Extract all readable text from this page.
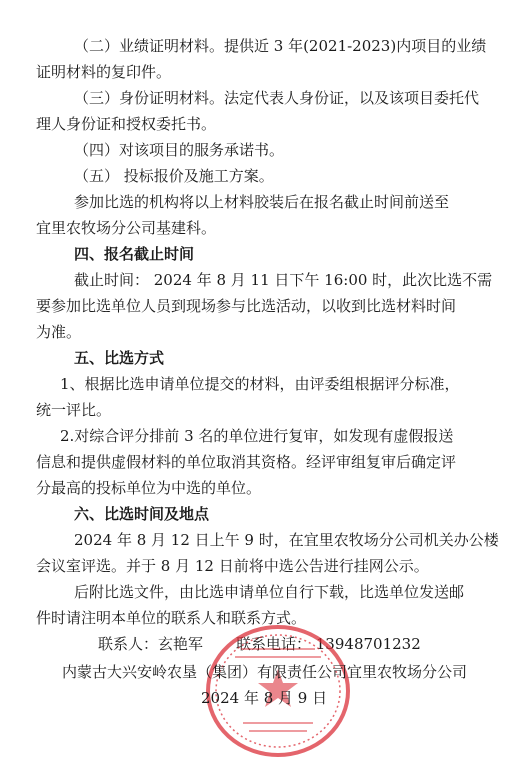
（二）业绩证明材料。提供近 3 年(2021-2023)内项目的业绩
证明材料的复印件。
（三）身份证明材料。法定代表人身份证，以及该项目委托代
理人身份证和授权委托书。
（四）对该项目的服务承诺书。
（五） 投标报价及施工方案。
参加比选的机构将以上材料胶装后在报名截止时间前送至
宜里农牧场分公司基建科。
四、报名截止时间
截止时间： 2024 年 8 月 11 日下午 16:00 时，此次比选不需
要参加比选单位人员到现场参与比选活动，以收到比选材料时间
为准。
五、比选方式
1、根据比选申请单位提交的材料，由评委组根据评分标准，
统一评比。
2.对综合评分排前 3 名的单位进行复审，如发现有虚假报送
信息和提供虚假材料的单位取消其资格。经评审组复审后确定评
分最高的投标单位为中选的单位。
六、比选时间及地点
2024 年 8 月 12 日上午 9 时，在宜里农牧场分公司机关办公楼
会议室评选。并于 8 月 12 日前将中选公告进行挂网公示。
后附比选文件，由比选申请单位自行下载，比选单位发送邮
件时请注明本单位的联系人和联系方式。
联系人：玄艳军 联系电话： 13948701232
内蒙古大兴安岭农垦（集团）有限责任公司宜里农牧场分公司
2024 年 8 月 9 日
